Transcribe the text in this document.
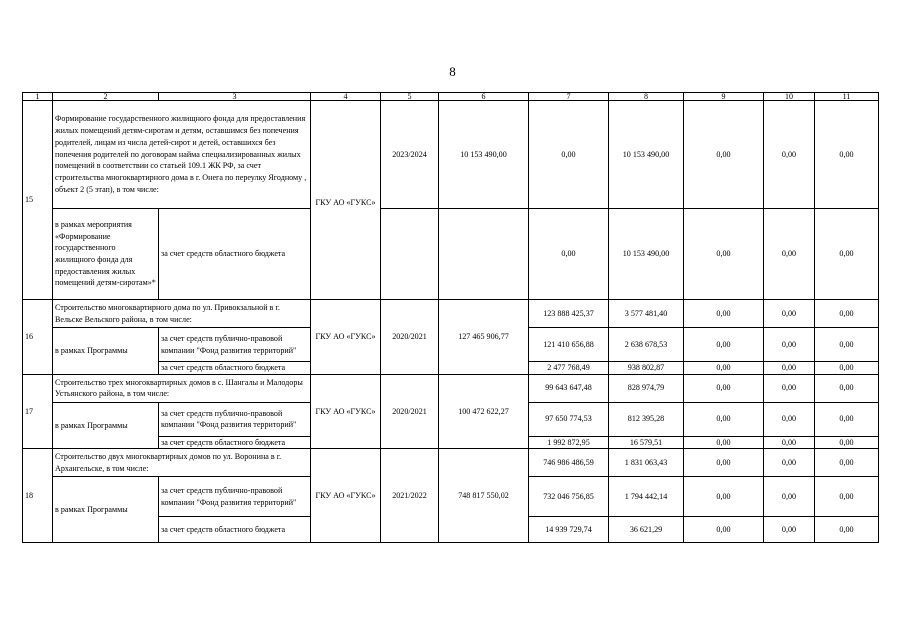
8
1	2	3	4	5	6	7	8	9	10	11
15	Формирование государственного жилищного фонда для предоставления жилых помещений детям-сиротам и детям, оставшимся без попечения родителей, лицам из числа детей-сирот и детей, оставшихся без попечения родителей по договорам найма специализированных жилых помещений в соответствии со статьей 109.1 ЖК РФ, за счет строительства многоквартирного дома в г. Онега по переулку Ягодному , объект 2 (5 этап), в том числе:		ГКУ АО «ГУКС»	2023/2024	10 153 490,00	0,00	10 153 490,00	0,00	0,00	0,00
	в рамках мероприятия «Формирование государственного жилищного фонда для предоставления жилых помещений детям-сиротам»*	за счет средств областного бюджета				0,00	10 153 490,00	0,00	0,00	0,00
16	Строительство многоквартирного дома по ул. Привокзальной в г. Вельске Вельского района, в том числе:		ГКУ АО «ГУКС»	2020/2021	127 465 906,77	123 888 425,37	3 577 481,40	0,00	0,00	0,00
	в рамках Программы	за счет средств публично-правовой компании "Фонд развития территорий"				121 410 656,88	2 638 678,53	0,00	0,00	0,00
		за счет средств областного бюджета				2 477 768,49	938 802,87	0,00	0,00	0,00
17	Строительство трех многоквартирных домов в с. Шангалы и Малодоры Устьянского района, в том числе:		ГКУ АО «ГУКС»	2020/2021	100 472 622,27	99 643 647,48	828 974,79	0,00	0,00	0,00
	в рамках Программы	за счет средств публично-правовой компании "Фонд развития территорий"				97 650 774,53	812 395,28	0,00	0,00	0,00
		за счет средств областного бюджета				1 992 872,95	16 579,51	0,00	0,00	0,00
18	Строительство двух многоквартирных домов по ул. Воронина в г. Архангельске, в том числе:		ГКУ АО «ГУКС»	2021/2022	748 817 550,02	746 986 486,59	1 831 063,43	0,00	0,00	0,00
	в рамках Программы	за счет средств публично-правовой компании "Фонд развития территорий"				732 046 756,85	1 794 442,14	0,00	0,00	0,00
		за счет средств областного бюджета				14 939 729,74	36 621,29	0,00	0,00	0,00
